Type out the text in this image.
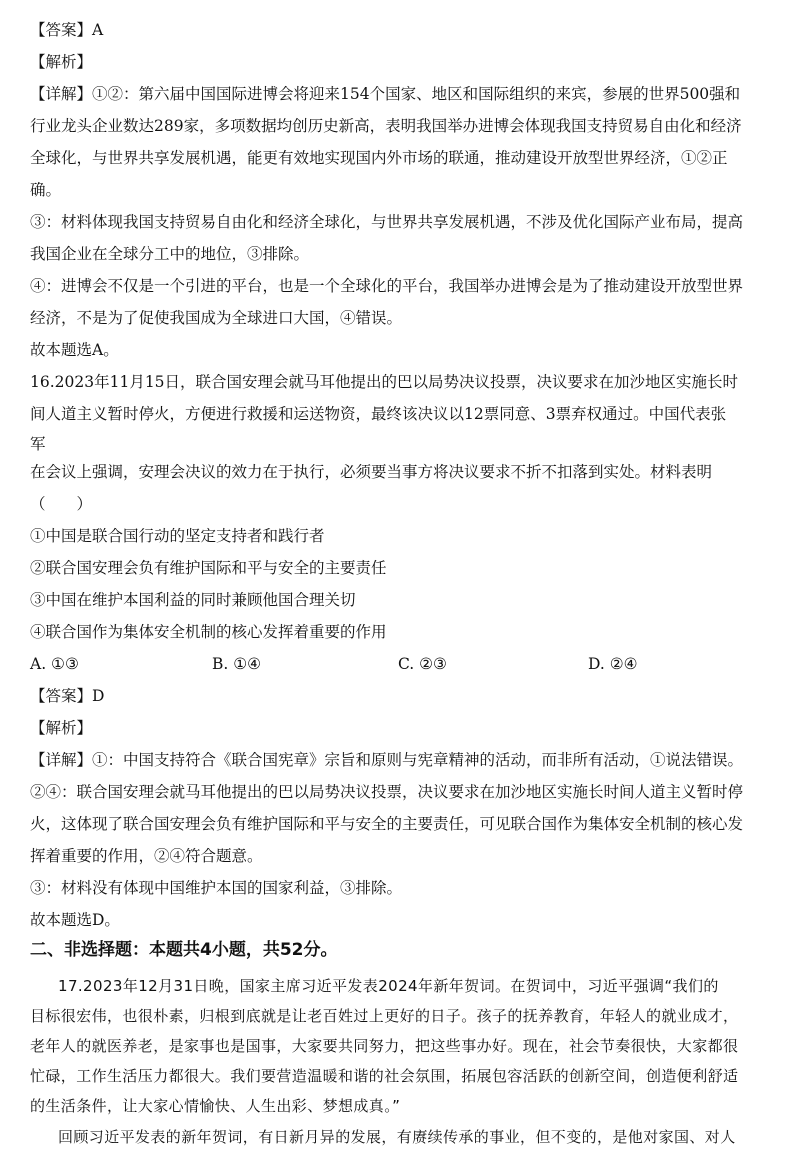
【答案】A
【解析】
【详解】①②：第六届中国国际进博会将迎来154个国家、地区和国际组织的来宾，参展的世界500强和
行业龙头企业数达289家，多项数据均创历史新高，表明我国举办进博会体现我国支持贸易自由化和经济
全球化，与世界共享发展机遇，能更有效地实现国内外市场的联通，推动建设开放型世界经济，①②正
确。
③：材料体现我国支持贸易自由化和经济全球化，与世界共享发展机遇，不涉及优化国际产业布局，提高
我国企业在全球分工中的地位，③排除。
④：进博会不仅是一个引进的平台，也是一个全球化的平台，我国举办进博会是为了推动建设开放型世界
经济，不是为了促使我国成为全球进口大国，④错误。
故本题选A。
16.2023年11月15日，联合国安理会就马耳他提出的巴以局势决议投票，决议要求在加沙地区实施长时
间人道主义暂时停火，方便进行救援和运送物资，最终该决议以12票同意、3票弃权通过。中国代表张
军
在会议上强调，安理会决议的效力在于执行，必须要当事方将决议要求不折不扣落到实处。材料表明
（　　）
①中国是联合国行动的坚定支持者和践行者
②联合国安理会负有维护国际和平与安全的主要责任
③中国在维护本国利益的同时兼顾他国合理关切
④联合国作为集体安全机制的核心发挥着重要的作用
A. ①③	B. ①④	C. ②③	D. ②④
【答案】D
【解析】
【详解】①：中国支持符合《联合国宪章》宗旨和原则与宪章精神的活动，而非所有活动，①说法错误。
②④：联合国安理会就马耳他提出的巴以局势决议投票，决议要求在加沙地区实施长时间人道主义暂时停
火，这体现了联合国安理会负有维护国际和平与安全的主要责任，可见联合国作为集体安全机制的核心发
挥着重要的作用，②④符合题意。
③：材料没有体现中国维护本国的国家利益，③排除。
故本题选D。
二、非选择题：本题共4小题，共52分。
17.2023年12月31日晚，国家主席习近平发表2024年新年贺词。在贺词中，习近平强调“我们的
目标很宏伟，也很朴素，归根到底就是让老百姓过上更好的日子。孩子的抚养教育，年轻人的就业成才，
老年人的就医养老，是家事也是国事，大家要共同努力，把这些事办好。现在，社会节奏很快，大家都很
忙碌，工作生活压力都很大。我们要营造温暖和谐的社会氛围，拓展包容活跃的创新空间，创造便利舒适
的生活条件，让大家心情愉快、人生出彩、梦想成真。”
回顾习近平发表的新年贺词，有日新月异的发展，有赓续传承的事业，但不变的，是他对家国、对人
